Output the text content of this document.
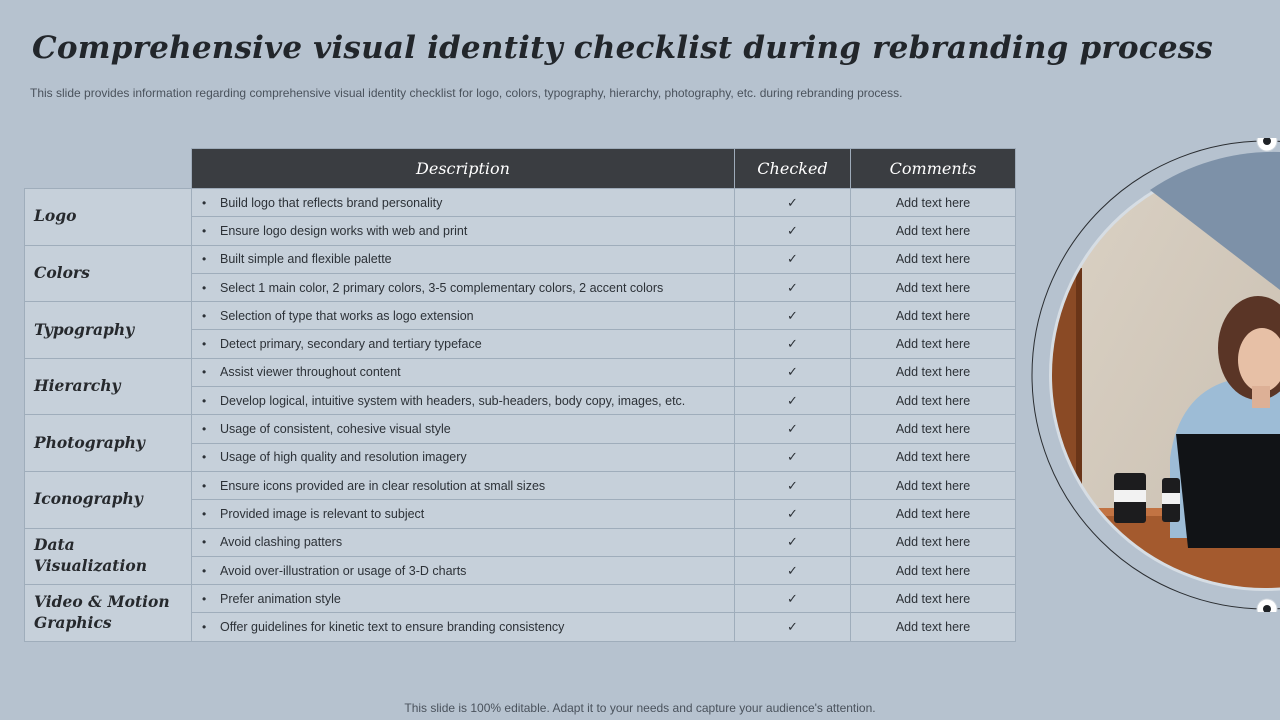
Comprehensive visual identity checklist during rebranding process

This slide provides information regarding comprehensive visual identity checklist for logo, colors, typography, hierarchy, photography, etc. during rebranding process.

	Description	Checked	Comments
Logo	• Build logo that reflects brand personality	✓	Add text here
	• Ensure logo design works with web and print	✓	Add text here
Colors	• Built simple and flexible palette	✓	Add text here
	• Select 1 main color, 2 primary colors, 3-5 complementary colors, 2 accent colors	✓	Add text here
Typography	• Selection of type that works as logo extension	✓	Add text here
	• Detect primary, secondary and tertiary typeface	✓	Add text here
Hierarchy	• Assist viewer throughout content	✓	Add text here
	• Develop logical, intuitive system with headers, sub-headers, body copy, images, etc.	✓	Add text here
Photography	• Usage of consistent, cohesive visual style	✓	Add text here
	• Usage of high quality and resolution imagery	✓	Add text here
Iconography	• Ensure icons provided are in clear resolution at small sizes	✓	Add text here
	• Provided image is relevant to subject	✓	Add text here
Data Visualization	• Avoid clashing patters	✓	Add text here
	• Avoid over-illustration or usage of 3-D charts	✓	Add text here
Video & Motion Graphics	• Prefer animation style	✓	Add text here
	• Offer guidelines for kinetic text to ensure branding consistency	✓	Add text here

This slide is 100% editable. Adapt it to your needs and capture your audience's attention.
